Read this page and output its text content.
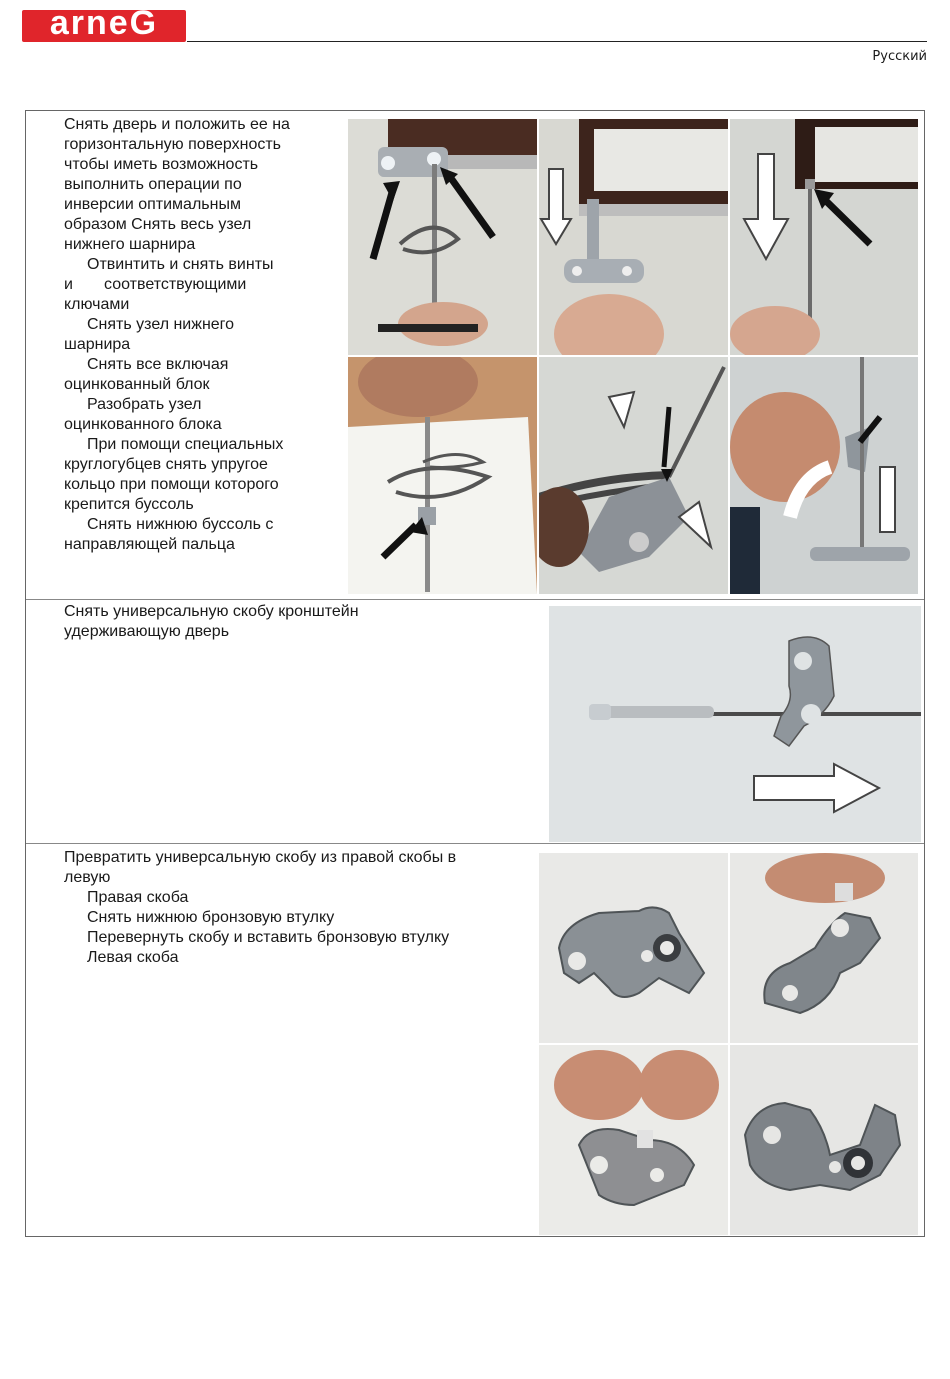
arneG
Русский
Снять дверь и положить ее на
горизонтальную поверхность
чтобы иметь возможность
выполнить операции по
инверсии оптимальным
образом Снять весь узел
нижнего шарнира
Отвинтить и снять винты
и       соответствующими
ключами
Снять узел нижнего
шарнира
Снять все включая
оцинкованный блок
Разобрать узел
оцинкованного блока
При помощи специальных
круглогубцев снять упругое
кольцо при помощи которого
крепится буссоль
Снять нижнюю буссоль с
направляющей пальца
Снять универсальную скобу кронштейн
удерживающую дверь
Превратить универсальную скобу из правой скобы в
левую
Правая скоба
Снять нижнюю бронзовую втулку
Перевернуть скобу и вставить бронзовую втулку
Левая скоба
